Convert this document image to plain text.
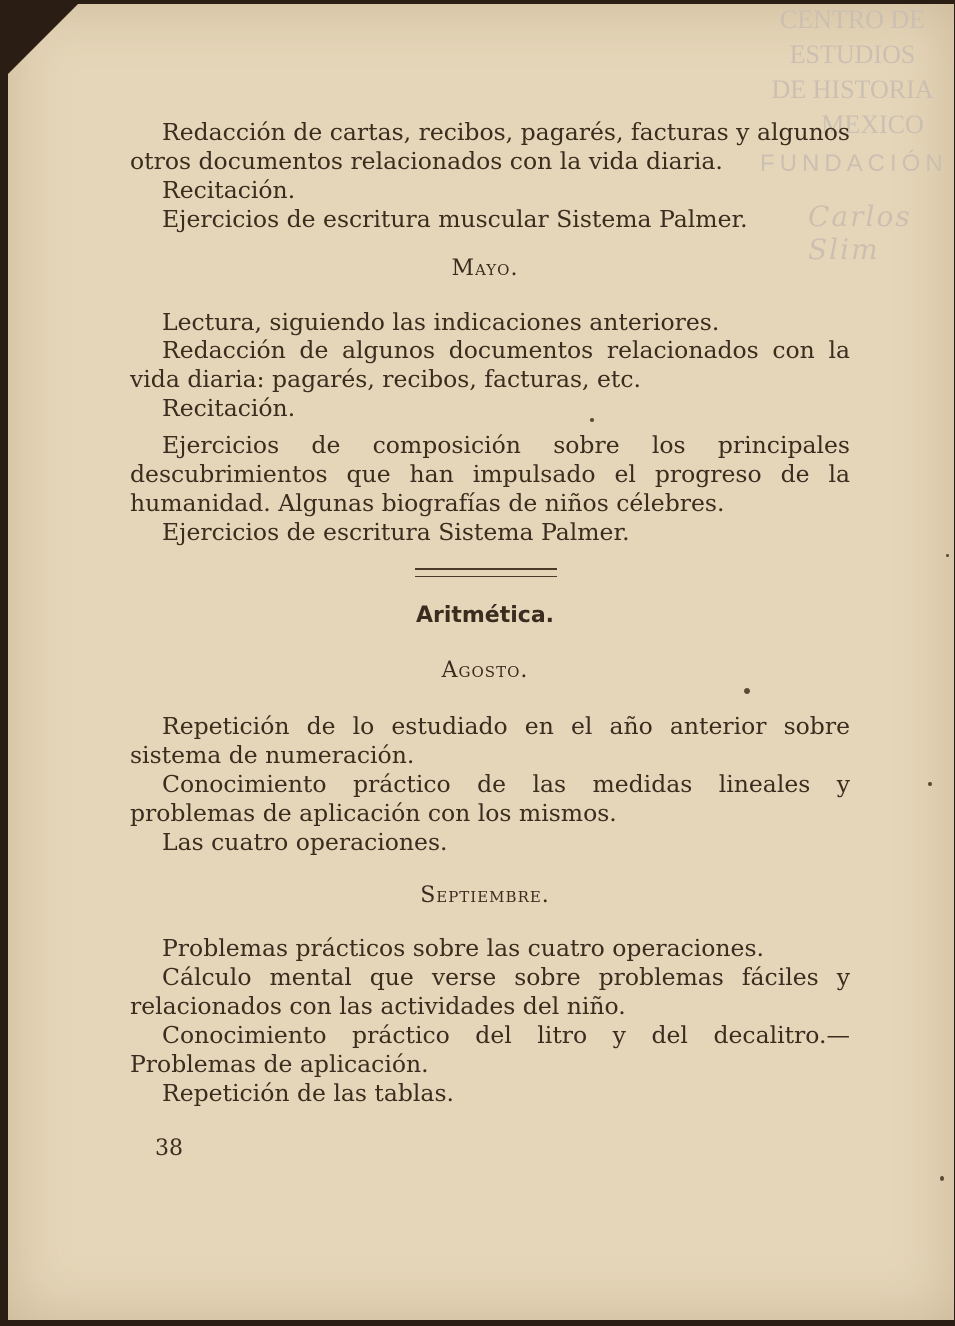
CENTRO DE
ESTUDIOS
DE HISTORIA
MEXICO
FUNDACIÓN
Carlos Slim

Redacción de cartas, recibos, pagarés, facturas y algunos otros documentos relacionados con la vida diaria.

Recitación.

Ejercicios de escritura muscular Sistema Palmer.

Mayo.

Lectura, siguiendo las indicaciones anteriores.

Redacción de algunos documentos relacionados con la vida diaria: pagarés, recibos, facturas, etc.

Recitación.

Ejercicios de composición sobre los principales descubrimientos que han impulsado el progreso de la humanidad. Algunas biografías de niños célebres.

Ejercicios de escritura Sistema Palmer.

Aritmética.
Agosto.

Repetición de lo estudiado en el año anterior sobre sistema de numeración.

Conocimiento práctico de las medidas lineales y problemas de aplicación con los mismos.

Las cuatro operaciones.

Septiembre.

Problemas prácticos sobre las cuatro operaciones.

Cálculo mental que verse sobre problemas fáciles y relacionados con las actividades del niño.

Conocimiento práctico del litro y del decalitro.—Problemas de aplicación.

Repetición de las tablas.

38
